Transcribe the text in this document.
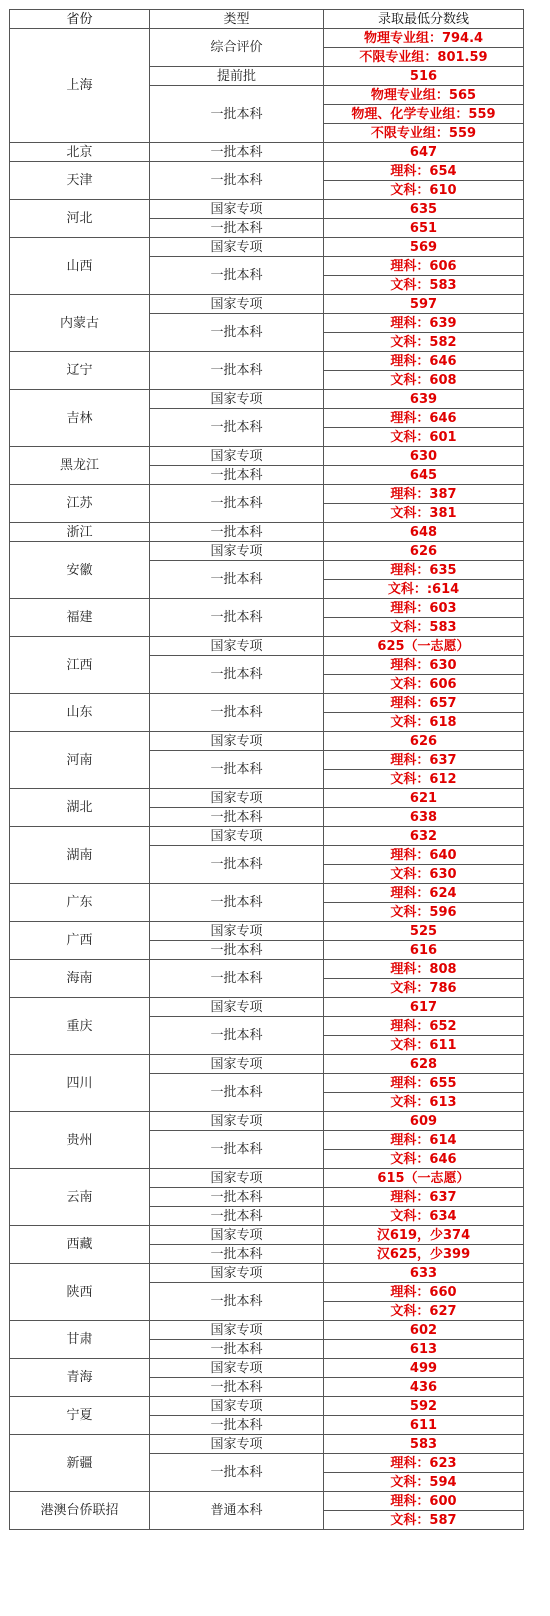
省份	类型	录取最低分数线
上海	综合评价	物理专业组：794.4
		不限专业组：801.59
	提前批	516
	一批本科	物理专业组：565
		物理、化学专业组：559
		不限专业组：559
北京	一批本科	647
天津	一批本科	理科：654
		文科：610
河北	国家专项	635
	一批本科	651
山西	国家专项	569
	一批本科	理科：606
		文科：583
内蒙古	国家专项	597
	一批本科	理科：639
		文科：582
辽宁	一批本科	理科：646
		文科：608
吉林	国家专项	639
	一批本科	理科：646
		文科：601
黑龙江	国家专项	630
	一批本科	645
江苏	一批本科	理科：387
		文科：381
浙江	一批本科	648
安徽	国家专项	626
	一批本科	理科：635
		文科：:614
福建	一批本科	理科：603
		文科：583
江西	国家专项	625（一志愿）
	一批本科	理科：630
		文科：606
山东	一批本科	理科：657
		文科：618
河南	国家专项	626
	一批本科	理科：637
		文科：612
湖北	国家专项	621
	一批本科	638
湖南	国家专项	632
	一批本科	理科：640
		文科：630
广东	一批本科	理科：624
		文科：596
广西	国家专项	525
	一批本科	616
海南	一批本科	理科：808
		文科：786
重庆	国家专项	617
	一批本科	理科：652
		文科：611
四川	国家专项	628
	一批本科	理科：655
		文科：613
贵州	国家专项	609
	一批本科	理科：614
		文科：646
云南	国家专项	615（一志愿）
	一批本科	理科：637
	一批本科	文科：634
西藏	国家专项	汉619，少374
	一批本科	汉625，少399
陕西	国家专项	633
	一批本科	理科：660
		文科：627
甘肃	国家专项	602
	一批本科	613
青海	国家专项	499
	一批本科	436
宁夏	国家专项	592
	一批本科	611
新疆	国家专项	583
	一批本科	理科：623
		文科：594
港澳台侨联招	普通本科	理科：600
		文科：587
